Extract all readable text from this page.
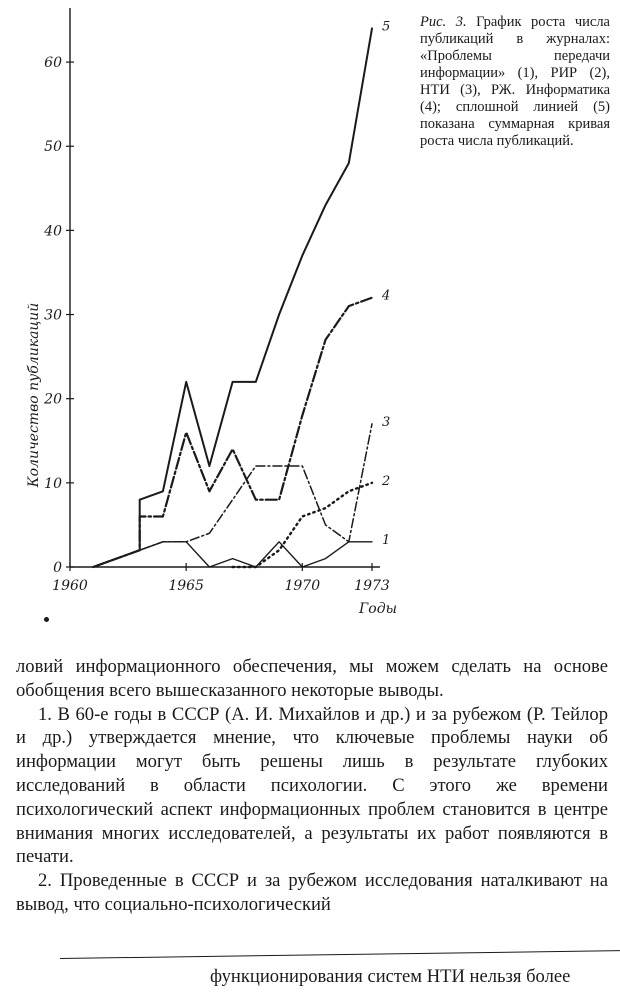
0
10
20
30
40
50
60
1960	1965	1970 1973
1
2
3
4
5
Количество публикаций
Годы
Рис. 3. График роста числа публикаций в журналах: «Проблемы передачи информации» (1), РИР (2), НТИ (3), РЖ. Информатика (4); сплошной линией (5) показана суммарная кривая роста числа публикаций.

ловий информационного обеспечения, мы можем сделать на основе обобщения всего вышесказанного некоторые выводы.

1. В 60-е годы в СССР (А. И. Михайлов и др.) и за рубежом (Р. Тейлор и др.) утверждается мнение, что ключевые проблемы науки об информации могут быть решены лишь в результате глубоких исследований в области психологии. С этого же времени психологический аспект информационных проблем становится в центре внимания многих исследователей, а результаты их работ появляются в печати.

2. Проведенные в СССР и за рубежом исследования наталкивают на вывод, что социально-психологический

функционирования систем НТИ нельзя более
